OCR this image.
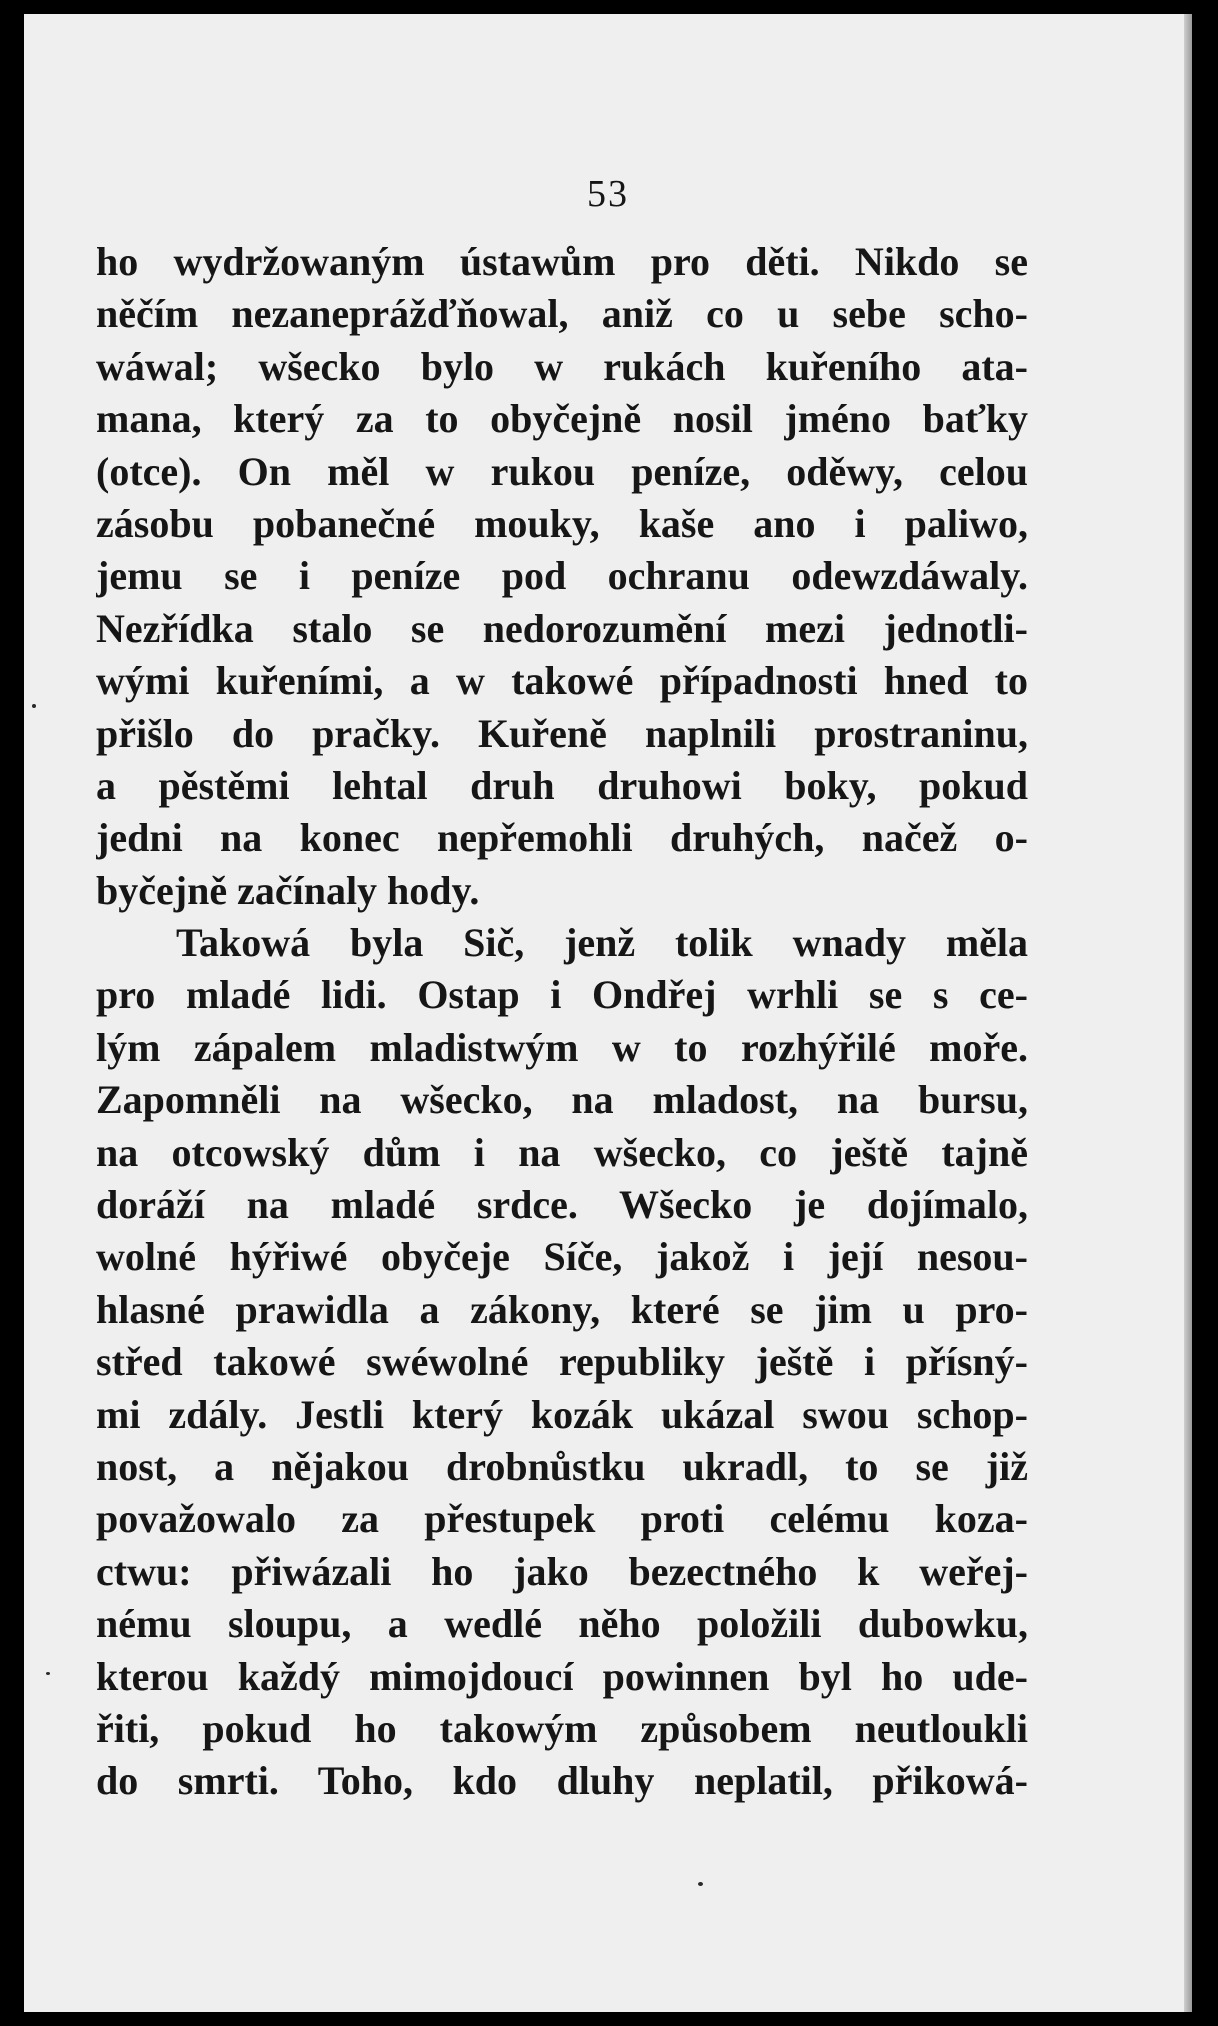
53
ho wydržowaným ústawům pro děti. Nikdo se
něčím nezaneprážďňowal, aniž co u sebe scho-
wáwal; wšecko bylo w rukách kuřeního ata-
mana, který za to obyčejně nosil jméno baťky
(otce). On měl w rukou peníze, oděwy, celou
zásobu pobanečné mouky, kaše ano i paliwo,
jemu se i peníze pod ochranu odewzdáwaly.
Nezřídka stalo se nedorozumění mezi jednotli-
wými kuřeními, a w takowé případnosti hned to
přišlo do pračky. Kuřeně naplnili prostraninu,
a pěstěmi lehtal druh druhowi boky, pokud
jedni na konec nepřemohli druhých, načež o-
byčejně začínaly hody.
Takowá byla Sič, jenž tolik wnady měla
pro mladé lidi. Ostap i Ondřej wrhli se s ce-
lým zápalem mladistwým w to rozhýřilé moře.
Zapomněli na wšecko, na mladost, na bursu,
na otcowský dům i na wšecko, co ještě tajně
doráží na mladé srdce. Wšecko je dojímalo,
wolné hýřiwé obyčeje Síče, jakož i její nesou-
hlasné prawidla a zákony, které se jim u pro-
střed takowé swéwolné republiky ještě i přísný-
mi zdály. Jestli který kozák ukázal swou schop-
nost, a nějakou drobnůstku ukradl, to se již
považowalo za přestupek proti celému koza-
ctwu: přiwázali ho jako bezectného k weřej-
nému sloupu, a wedlé něho položili dubowku,
kterou každý mimojdoucí powinnen byl ho ude-
řiti, pokud ho takowým způsobem neutloukli
do smrti. Toho, kdo dluhy neplatil, přikowá-
